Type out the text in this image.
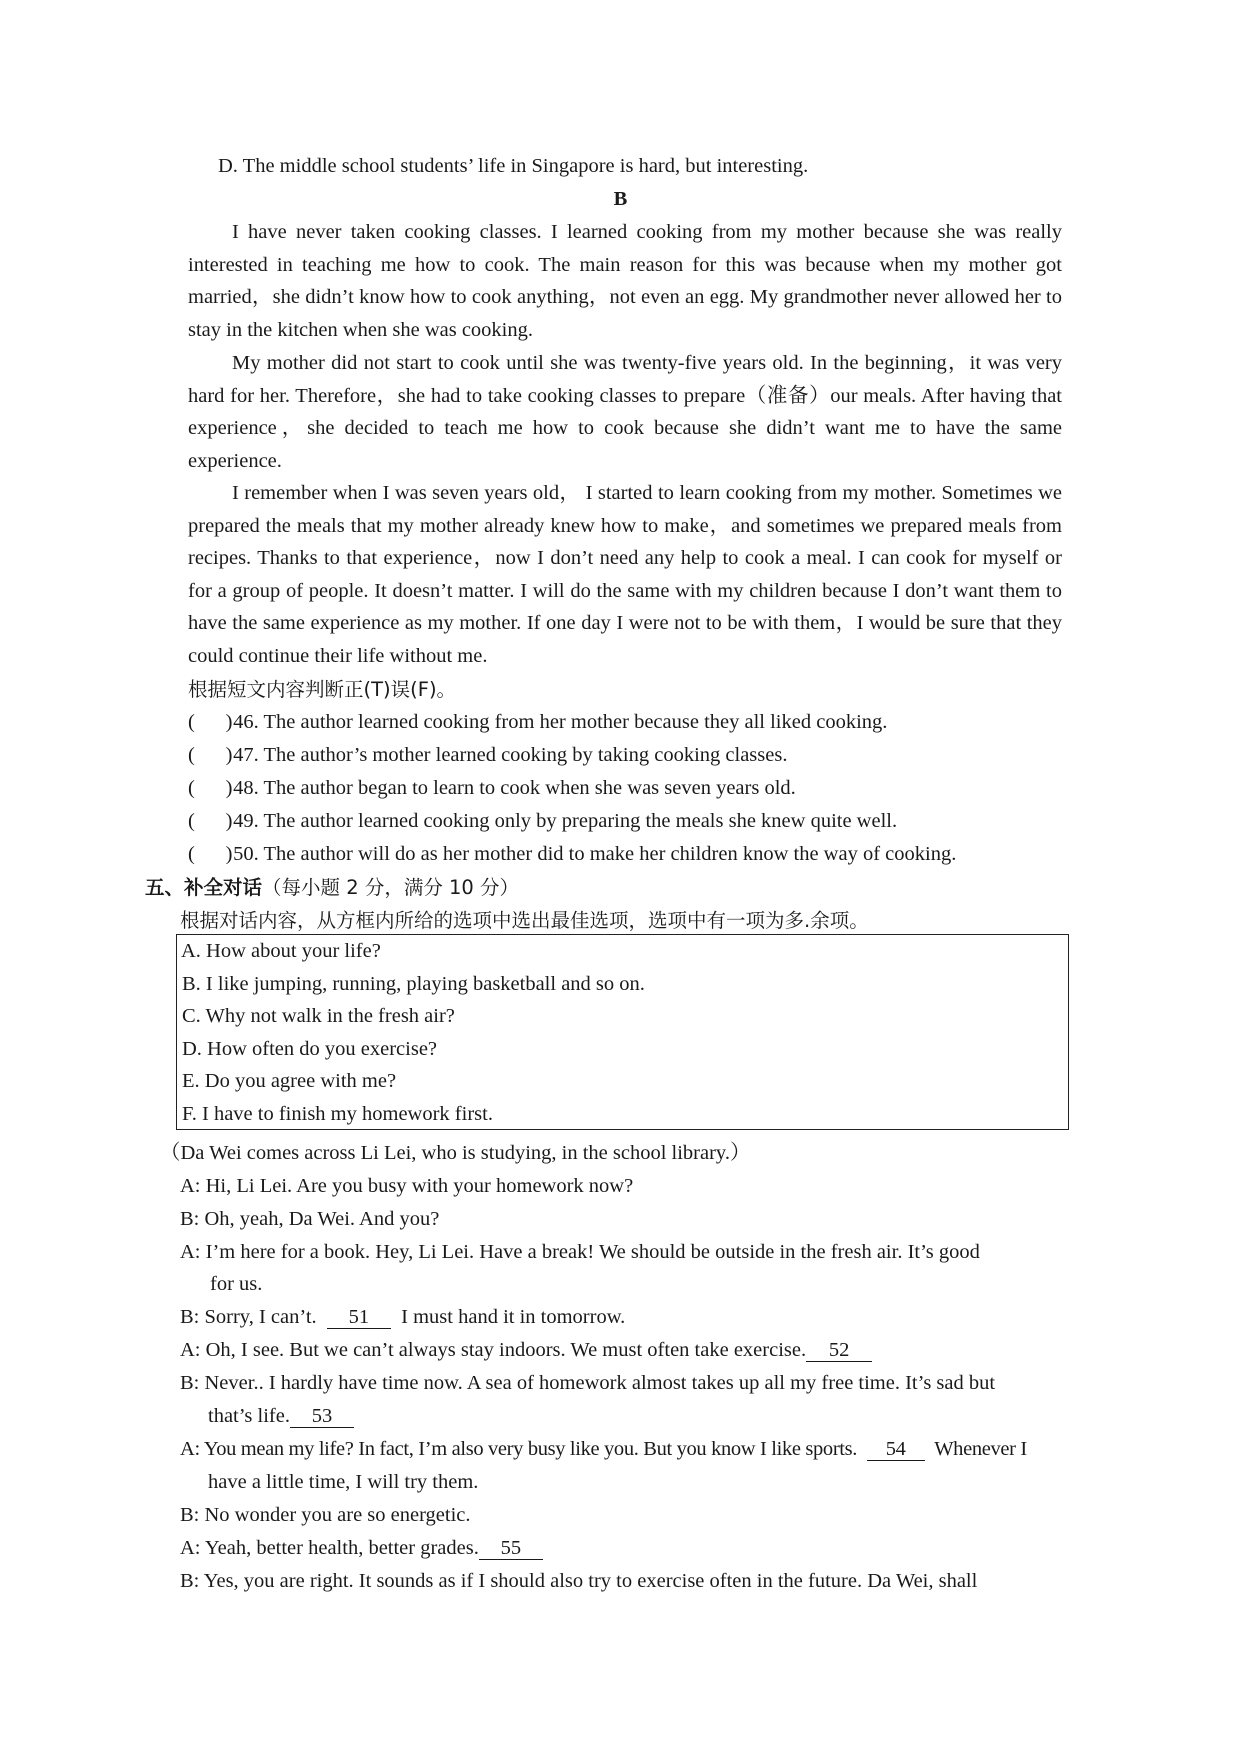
D. The middle school students’ life in Singapore is hard, but interesting.
B

I have never taken cooking classes. I learned cooking from my mother because she was really interested in teaching me how to cook. The main reason for this was because when my mother got married，she didn’t know how to cook anything，not even an egg. My grandmother never allowed her to stay in the kitchen when she was cooking.

My mother did not start to cook until she was twenty-five years old. In the beginning，it was very hard for her. Therefore，she had to take cooking classes to prepare（准备）our meals. After having that experience，she decided to teach me how to cook because she didn’t want me to have the same experience.

I remember when I was seven years old， I started to learn cooking from my mother. Sometimes we prepared the meals that my mother already knew how to make，and sometimes we prepared meals from recipes. Thanks to that experience，now I don’t need any help to cook a meal. I can cook for myself or for a group of people. It doesn’t matter. I will do the same with my children because I don’t want them to have the same experience as my mother. If one day I were not to be with them，I would be sure that they could continue their life without me.

根据短文内容判断正(T)误(F)。
(  ) 46. The author learned cooking from her mother because they all liked cooking.
(  ) 47. The author’s mother learned cooking by taking cooking classes.
(  ) 48. The author began to learn to cook when she was seven years old.
(  ) 49. The author learned cooking only by preparing the meals she knew quite well.
(  ) 50. The author will do as her mother did to make her children know the way of cooking.
五、补全对话（每小题 2 分，满分 10 分）
根据对话内容，从方框内所给的选项中选出最佳选项，选项中有一项为多.余项。
A. How about your life?
B. I like jumping, running, playing basketball and so on.
C. Why not walk in the fresh air?
D. How often do you exercise?
E. Do you agree with me?
F. I have to finish my homework first.
（Da Wei comes across Li Lei, who is studying, in the school library.）
A: Hi, Li Lei. Are you busy with your homework now?
B: Oh, yeah, Da Wei. And you?
A: I’m here for a book. Hey, Li Lei. Have a break! We should be outside in the fresh air. It’s good
for us.
B: Sorry, I can’t. 51 I must hand it in tomorrow.
A: Oh, I see. But we can’t always stay indoors. We must often take exercise. 52
B: Never.. I hardly have time now. A sea of homework almost takes up all my free time. It’s sad but
that’s life. 53
A: You mean my life? In fact, I’m also very busy like you. But you know I like sports. 54 Whenever I
have a little time, I will try them.
B: No wonder you are so energetic.
A: Yeah, better health, better grades. 55
B: Yes, you are right. It sounds as if I should also try to exercise often in the future. Da Wei, shall
